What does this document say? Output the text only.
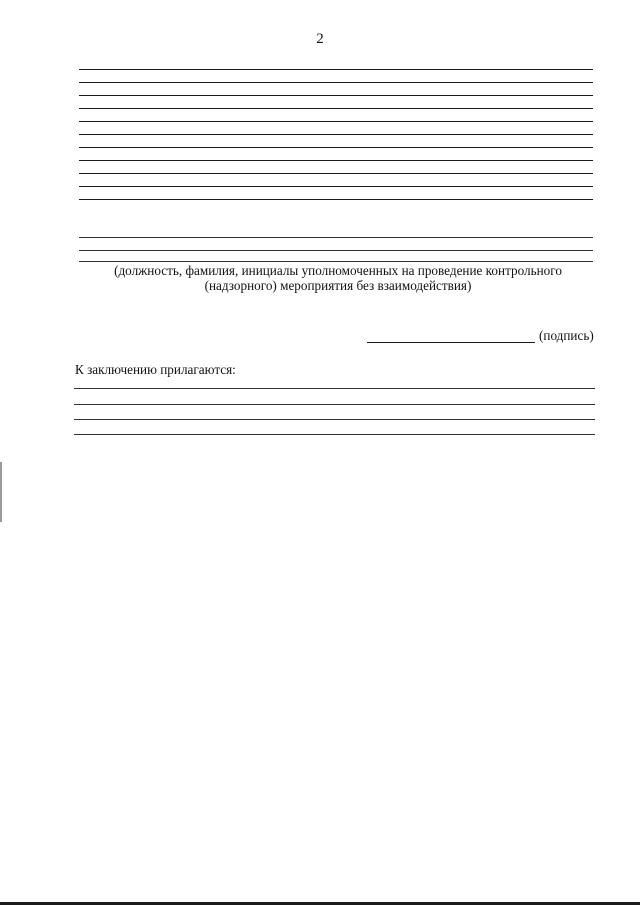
2
(должность, фамилия, инициалы уполномоченных на проведение контрольного (надзорного) мероприятия без взаимодействия)
(подпись)
К заключению прилагаются:
